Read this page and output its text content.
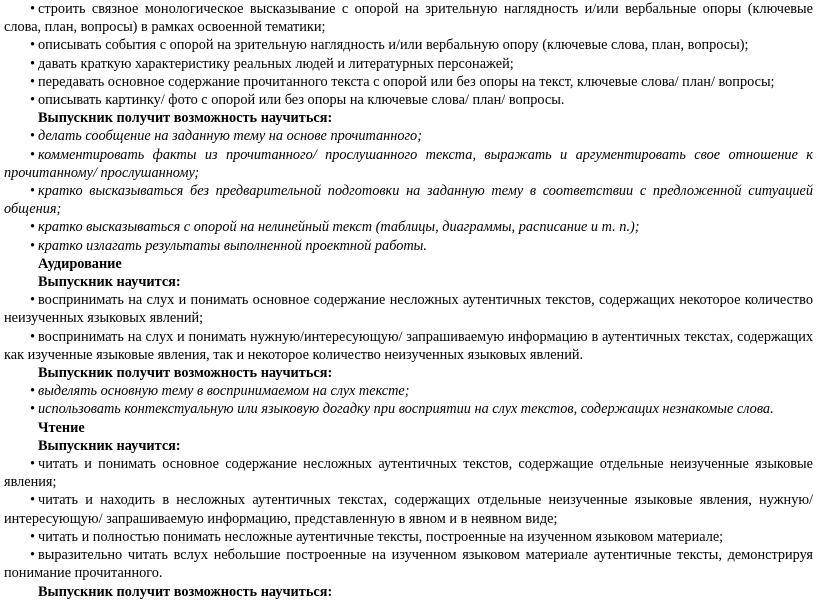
• строить связное монологическое высказывание с опорой на зрительную наглядность и/или вербальные опоры (ключевые слова, план, вопросы) в рамках освоенной тематики;

• описывать события с опорой на зрительную наглядность и/или вербальную опору (ключевые слова, план, вопросы);

• давать краткую характеристику реальных людей и литературных персонажей;

• передавать основное содержание прочитанного текста с опорой или без опоры на текст, ключевые слова/ план/ вопросы;

• описывать картинку/ фото с опорой или без опоры на ключевые слова/ план/ вопросы.

Выпускник получит возможность научиться:

• делать сообщение на заданную тему на основе прочитанного;

• комментировать факты из прочитанного/ прослушанного текста, выражать и аргументировать свое отношение к прочитанному/ прослушанному;

• кратко высказываться без предварительной подготовки на заданную тему в соответствии с предложенной ситуацией общения;

• кратко высказываться с опорой на нелинейный текст (таблицы, диаграммы, расписание и т. п.);

• кратко излагать результаты выполненной проектной работы.

Аудирование

Выпускник научится:

• воспринимать на слух и понимать основное содержание несложных аутентичных текстов, содержащих некоторое количество неизученных языковых явлений;

• воспринимать на слух и понимать нужную/интересующую/ запрашиваемую информацию в аутентичных текстах, содержащих как изученные языковые явления, так и некоторое количество неизученных языковых явлений.

Выпускник получит возможность научиться:

• выделять основную тему в воспринимаемом на слух тексте;

• использовать контекстуальную или языковую догадку при восприятии на слух текстов, содержащих незнакомые слова.

Чтение

Выпускник научится:

• читать и понимать основное содержание несложных аутентичных текстов, содержащие отдельные неизученные языковые явления;

• читать и находить в несложных аутентичных текстах, содержащих отдельные неизученные языковые явления, нужную/интересующую/ запрашиваемую информацию, представленную в явном и в неявном виде;

• читать и полностью понимать несложные аутентичные тексты, построенные на изученном языковом материале;

• выразительно читать вслух небольшие построенные на изученном языковом материале аутентичные тексты, демонстрируя понимание прочитанного.

Выпускник получит возможность научиться:
